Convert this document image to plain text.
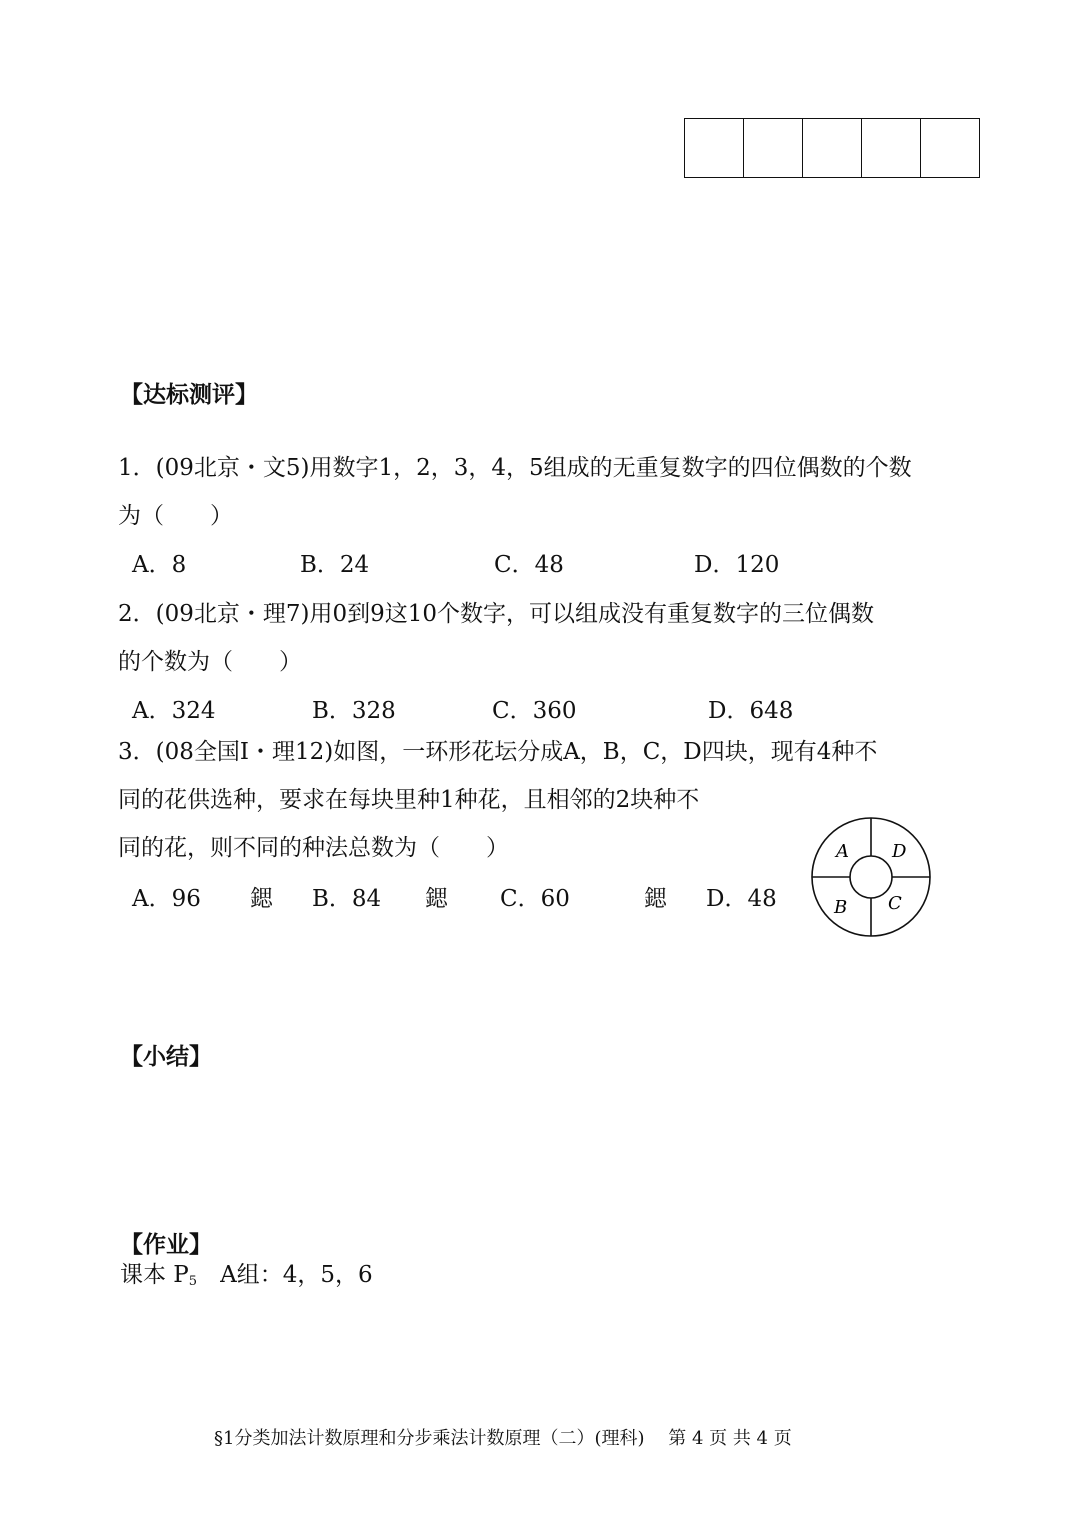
【达标测评】
1．(09北京・文5)用数字1，2，3，4，5组成的无重复数字的四位偶数的个数
为（　　）
A．8	B．24	C．48	D．120
2．(09北京・理7)用0到9这10个数字，可以组成没有重复数字的三位偶数
的个数为（　　）
A．324	B．328	C．360	D．648
3．(08全国Ⅰ・理12)如图，一环形花坛分成A，B，C，D四块，现有4种不
同的花供选种，要求在每块里种1种花，且相邻的2块种不
同的花，则不同的种法总数为（　　）
A．96 鍶 B．84 鍶 C．60	鍶 D．48
A D
B C
【小结】
【作业】
课本 $P_5$　A组：4，5，6
§1分类加法计数原理和分步乘法计数原理（二）(理科)　 第 4 页 共 4 页
